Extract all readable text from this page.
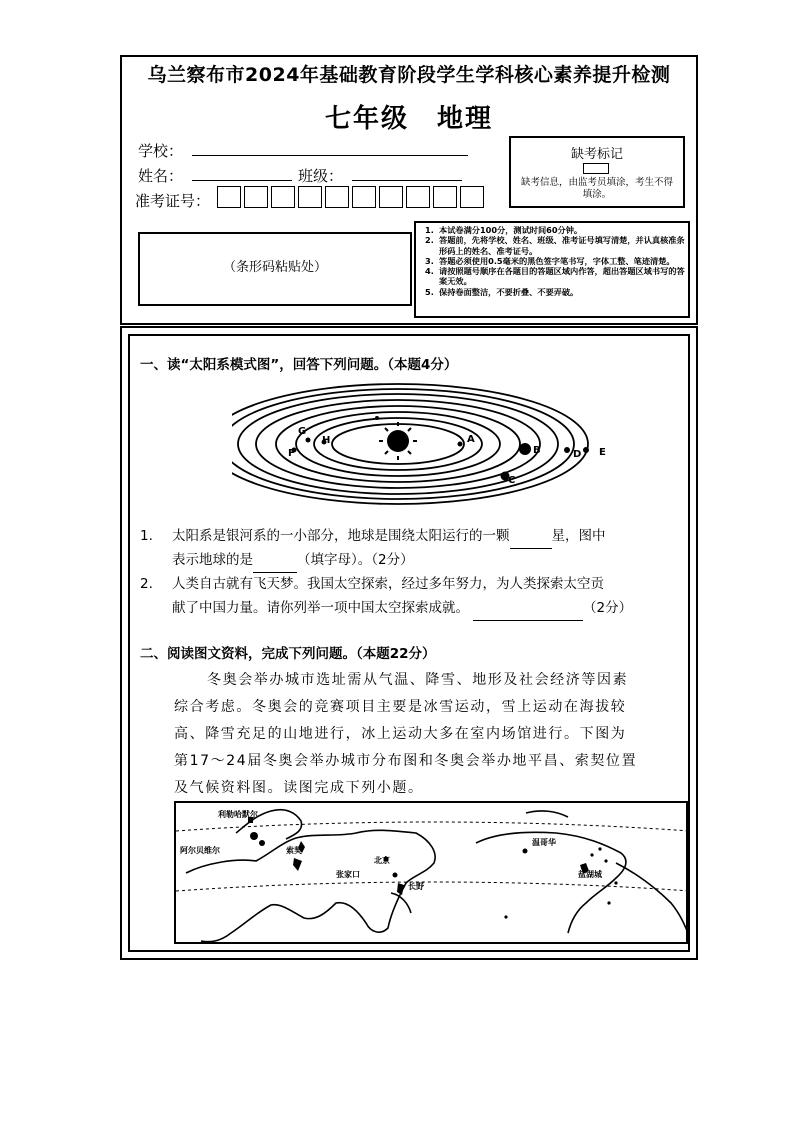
乌兰察布市2024年基础教育阶段学生学科核心素养提升检测
七年级　地理
学校：
姓名：	班级：
准考证号：
缺考标记
缺考信息，由监考员填涂，考生不得填涂。
（条形码粘贴处）
1. 本试卷满分100分，测试时间60分钟。
2. 答题前，先将学校、姓名、班级、准考证号填写清楚，并认真核准条形码上的姓名、准考证号。
3. 答题必须使用0.5毫米的黑色签字笔书写，字体工整、笔迹清楚。
4. 请按照题号顺序在各题目的答题区域内作答，超出答题区域书写的答案无效。
5. 保持卷面整洁，不要折叠、不要弄破。
一、读“太阳系模式图”，回答下列问题。（本题4分）
A
B
C
D E
F
G
H
1. 太阳系是银河系的一小部分，地球是围绕太阳运行的一颗	星，图中
表示地球的是	（填字母）。（2分）
2. 人类自古就有飞天梦。我国太空探索，经过多年努力，为人类探索太空贡
献了中国力量。请你列举一项中国太空探索成就。	（2分）
二、阅读图文资料，完成下列问题。（本题22分）
冬奥会举办城市选址需从气温、降雪、地形及社会经济等因素
综合考虑。冬奥会的竞赛项目主要是冰雪运动，雪上运动在海拔较
高、降雪充足的山地进行，冰上运动大多在室内场馆进行。下图为
第17～24届冬奥会举办城市分布图和冬奥会举办地平昌、索契位置
及气候资料图。读图完成下列小题。
利勒哈默尔
阿尔贝维尔	索契
北京
张家口
长野
温哥华
盐湖城
